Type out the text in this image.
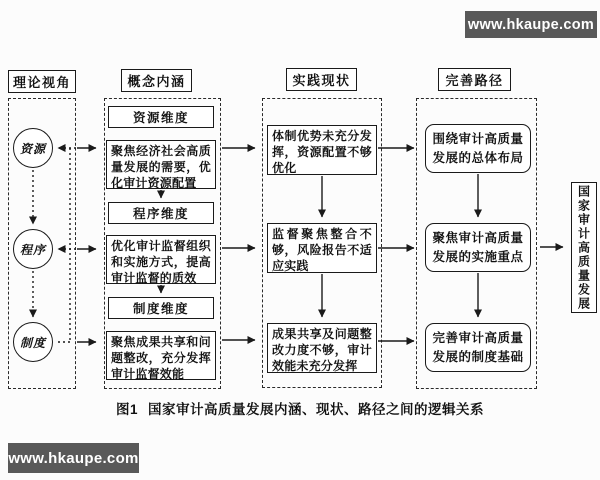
www.hkaupe.com
www.hkaupe.com
理论视角	概念内涵	实践现状	完善路径
资源
程序
制度
资源维度
聚焦经济社会高质量发展的需要，优化审计资源配置
程序维度
优化审计监督组织和实施方式，提高审计监督的质效
制度维度
聚焦成果共享和问题整改，充分发挥审计监督效能
体制优势未充分发挥，资源配置不够优化
监督聚焦整合不够，风险报告不适应实践
成果共享及问题整改力度不够，审计效能未充分发挥
围绕审计高质量
发展的总体布局
聚焦审计高质量
发展的实施重点
完善审计高质量
发展的制度基础
国家审计高质量发展
图1 国家审计高质量发展内涵、现状、路径之间的逻辑关系
